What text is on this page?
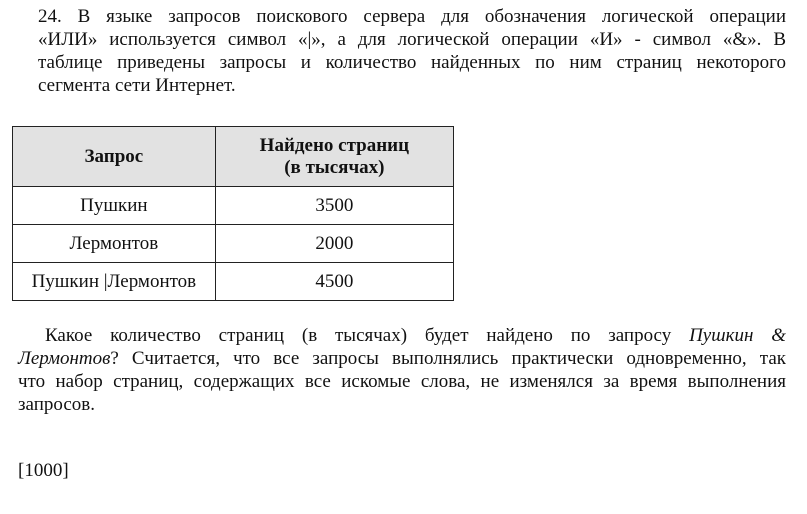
24. В языке запросов поискового сервера для обозначения логической операции
«ИЛИ» используется символ «|», а для логической операции «И» - символ «&». В
таблице приведены запросы и количество найденных по ним страниц некоторого
сегмента сети Интернет.
Запрос	Найдено страниц
(в тысячах)
Пушкин	3500
Лермонтов	2000
Пушкин |Лермонтов	4500
Какое количество страниц (в тысячах) будет найдено по запросу Пушкин &
Лермонтов? Считается, что все запросы выполнялись практически одновременно, так
что набор страниц, содержащих все искомые слова, не изменялся за время выполнения
запросов.
[1000]
